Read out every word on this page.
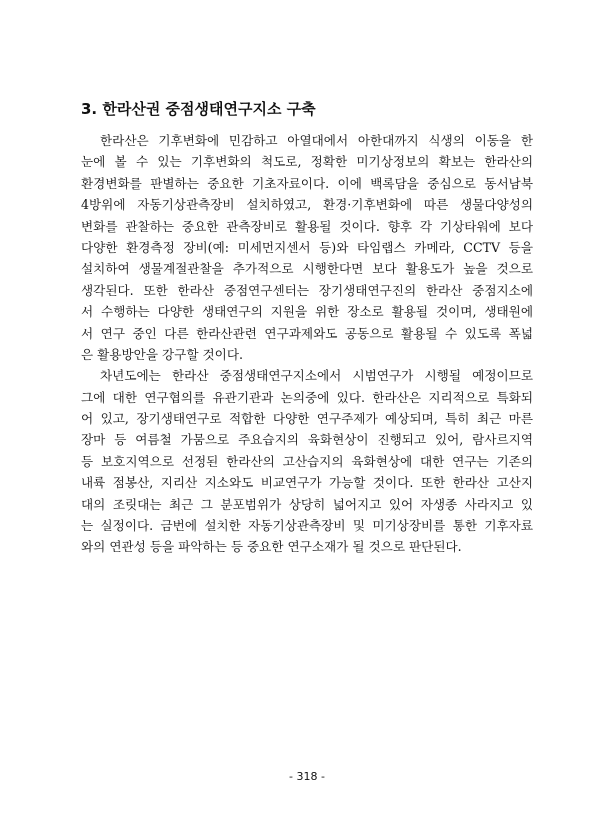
3. 한라산권 중점생태연구지소 구축
한라산은 기후변화에 민감하고 아열대에서 아한대까지 식생의 이동을 한
눈에 볼 수 있는 기후변화의 척도로, 정확한 미기상정보의 확보는 한라산의
환경변화를 판별하는 중요한 기초자료이다. 이에 백록담을 중심으로 동서남북
4방위에 자동기상관측장비 설치하였고, 환경·기후변화에 따른 생물다양성의
변화를 관찰하는 중요한 관측장비로 활용될 것이다. 향후 각 기상타워에 보다
다양한 환경측정 장비(예: 미세먼지센서 등)와 타임랩스 카메라, CCTV 등을
설치하여 생물계절관찰을 추가적으로 시행한다면 보다 활용도가 높을 것으로
생각된다. 또한 한라산 중점연구센터는 장기생태연구진의 한라산 중점지소에
서 수행하는 다양한 생태연구의 지원을 위한 장소로 활용될 것이며, 생태원에
서 연구 중인 다른 한라산관련 연구과제와도 공동으로 활용될 수 있도록 폭넓
은 활용방안을 강구할 것이다.
차년도에는 한라산 중점생태연구지소에서 시범연구가 시행될 예정이므로
그에 대한 연구협의를 유관기관과 논의중에 있다. 한라산은 지리적으로 특화되
어 있고, 장기생태연구로 적합한 다양한 연구주제가 예상되며, 특히 최근 마른
장마 등 여름철 가뭄으로 주요습지의 육화현상이 진행되고 있어, 람사르지역
등 보호지역으로 선정된 한라산의 고산습지의 육화현상에 대한 연구는 기존의
내륙 점봉산, 지리산 지소와도 비교연구가 가능할 것이다. 또한 한라산 고산지
대의 조릿대는 최근 그 분포범위가 상당히 넓어지고 있어 자생종 사라지고 있
는 실정이다. 금번에 설치한 자동기상관측장비 및 미기상장비를 통한 기후자료
와의 연관성 등을 파악하는 등 중요한 연구소재가 될 것으로 판단된다.
- 318 -
